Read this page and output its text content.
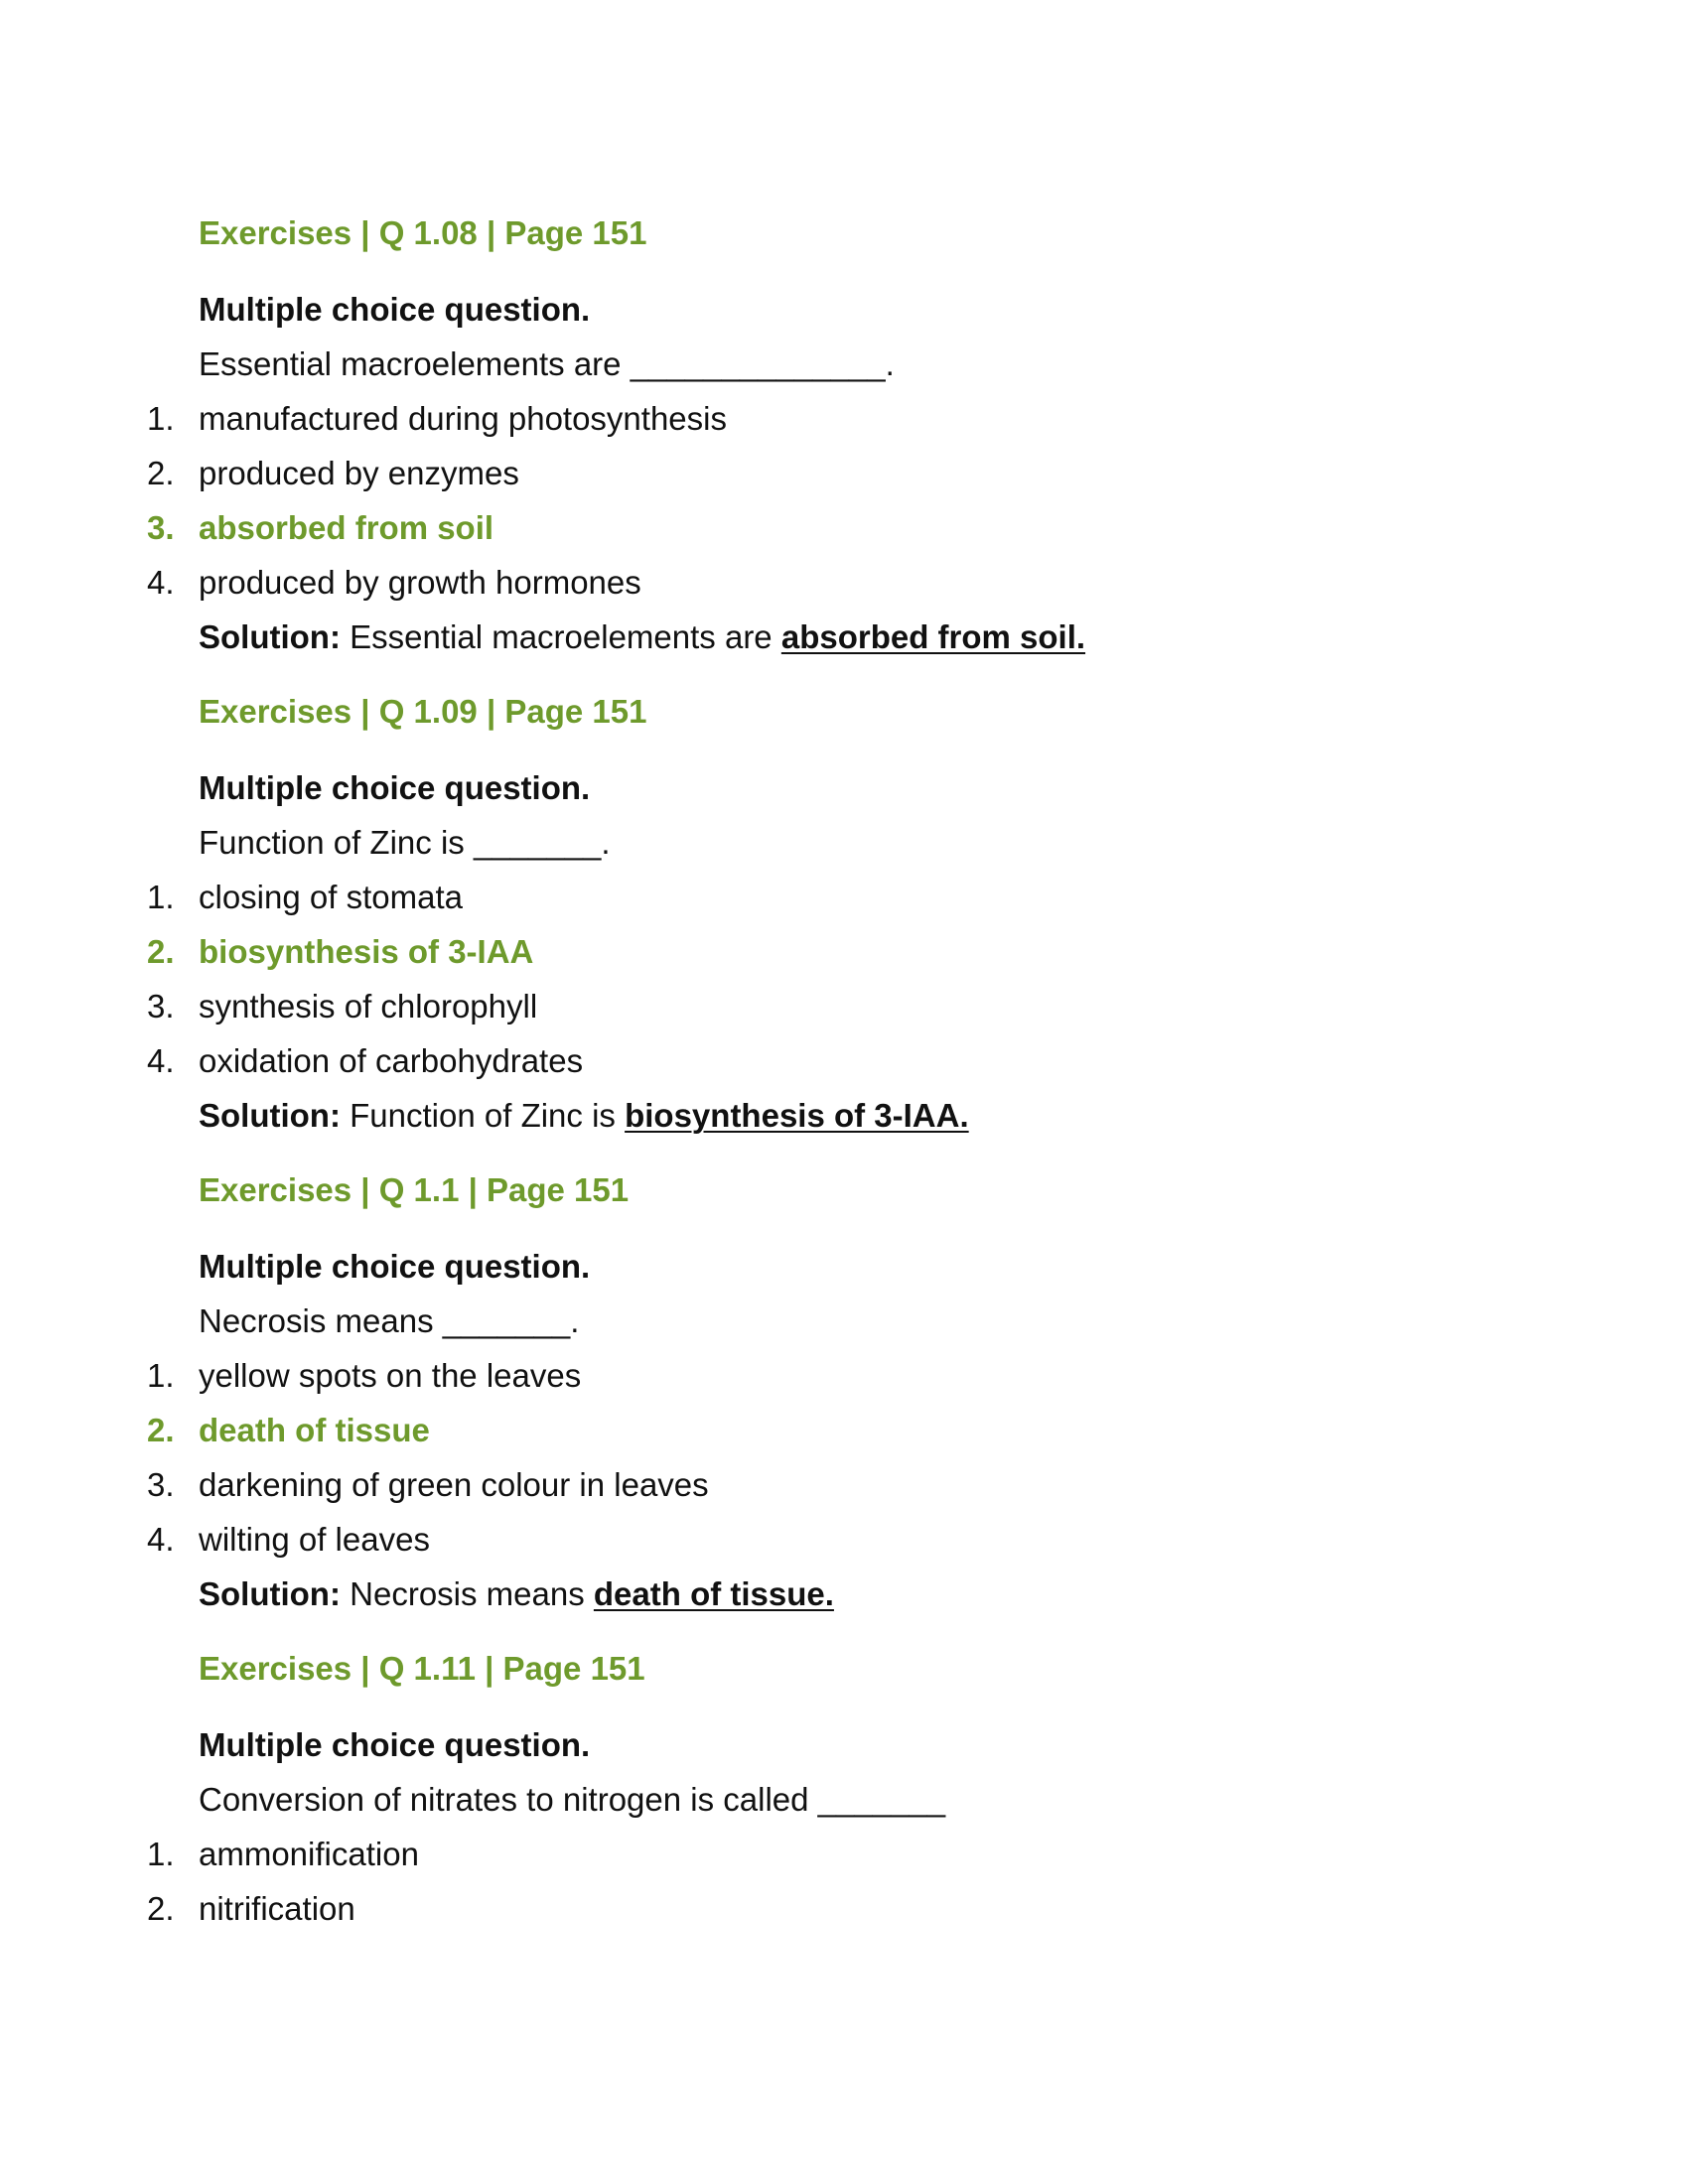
Exercises | Q 1.08 | Page 151
Multiple choice question.
Essential macroelements are ______________.
1. manufactured during photosynthesis
2. produced by enzymes
3. absorbed from soil
4. produced by growth hormones
Solution: Essential macroelements are absorbed from soil.
Exercises | Q 1.09 | Page 151
Multiple choice question.
Function of Zinc is _______.
1. closing of stomata
2. biosynthesis of 3-IAA
3. synthesis of chlorophyll
4. oxidation of carbohydrates
Solution: Function of Zinc is biosynthesis of 3-IAA.
Exercises | Q 1.1 | Page 151
Multiple choice question.
Necrosis means _______.
1. yellow spots on the leaves
2. death of tissue
3. darkening of green colour in leaves
4. wilting of leaves
Solution: Necrosis means death of tissue.
Exercises | Q 1.11 | Page 151
Multiple choice question.
Conversion of nitrates to nitrogen is called _______
1. ammonification
2. nitrification
